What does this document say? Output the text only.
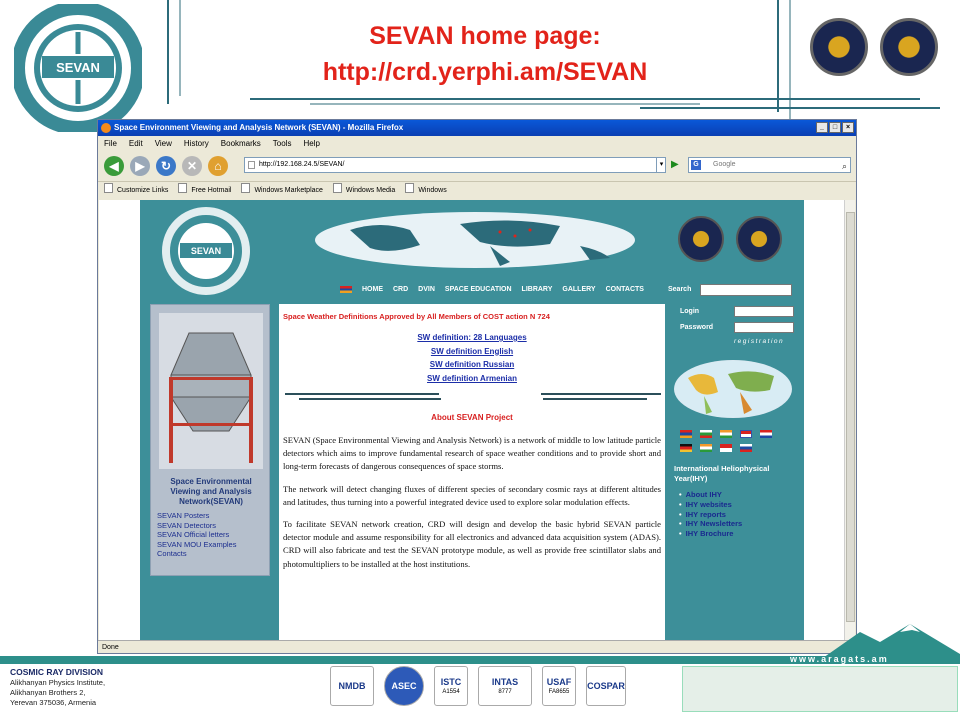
SEVAN
SEVAN home page:
http://crd.yerphi.am/SEVAN
Space Environment Viewing and Analysis Network (SEVAN) - Mozilla Firefox	_	□	×
File Edit View History Bookmarks Tools Help
◀	▶	↻	✕	⌂	http://192.168.24.5/SEVAN/	▾ ▶	G	Google	⌕
Customize Links	Free Hotmail	Windows Marketplace	Windows Media	Windows
SEVAN
HOME CRD DVIN SPACE EDUCATION LIBRARY GALLERY CONTACTS	Search
Space Environmental Viewing and Analysis Network(SEVAN)
SEVAN Posters
SEVAN Detectors
SEVAN Official letters
SEVAN MOU Examples
Contacts
Space Weather Definitions Approved by All Members of COST action N 724
SW definition: 28 Languages
SW definition English
SW definition Russian
SW definition Armenian
About SEVAN Project

SEVAN (Space Environmental Viewing and Analysis Network) is a network of middle to low latitude particle detectors which aims to improve fundamental research of space weather conditions and to provide short and long-term forecasts of dangerous consequences of space storms.

The network will detect changing fluxes of different species of secondary cosmic rays at different altitudes and latitudes, thus turning into a powerful integrated device used to explore solar modulation effects.

To facilitate SEVAN network creation, CRD will design and develop the basic hybrid SEVAN particle detector module and assume responsibility for all electronics and advanced data acquisition system (ADAS). CRD will also fabricate and test the SEVAN prototype module, as well as provide free scintillator slabs and photomultipliers to be installed at the host institutions.

Login
Password
registration
International Heliophysical Year(IHY)
• About IHY
• IHY websites
• IHY reports
• IHY Newsletters
• IHY Brochure
Done
www.aragats.am
COSMIC RAY DIVISION
Alikhanyan Physics Institute,
Alikhanyan Brothers 2,
Yerevan 375036, Armenia
NMDB	ASEC	ISTC
A1554
INTAS
8777
USAF
FA8655
COSPAR
